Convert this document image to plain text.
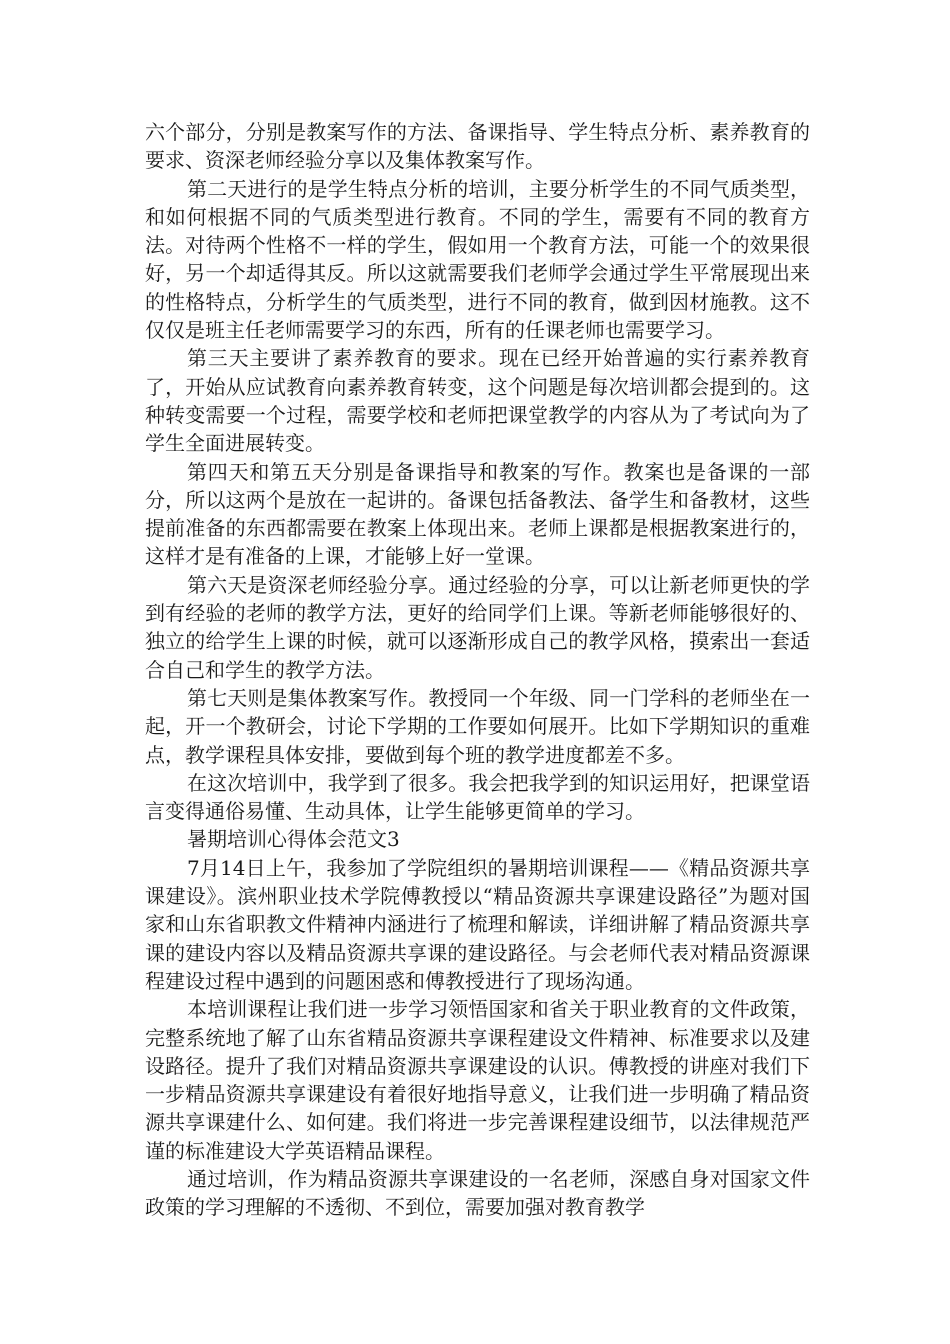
六个部分，分别是教案写作的方法、备课指导、学生特点分析、素养教育的要求、资深老师经验分享以及集体教案写作。

第二天进行的是学生特点分析的培训，主要分析学生的不同气质类型，和如何根据不同的气质类型进行教育。不同的学生，需要有不同的教育方法。对待两个性格不一样的学生，假如用一个教育方法，可能一个的效果很好，另一个却适得其反。所以这就需要我们老师学会通过学生平常展现出来的性格特点，分析学生的气质类型，进行不同的教育，做到因材施教。这不仅仅是班主任老师需要学习的东西，所有的任课老师也需要学习。

第三天主要讲了素养教育的要求。现在已经开始普遍的实行素养教育了，开始从应试教育向素养教育转变，这个问题是每次培训都会提到的。这种转变需要一个过程，需要学校和老师把课堂教学的内容从为了考试向为了学生全面进展转变。

第四天和第五天分别是备课指导和教案的写作。教案也是备课的一部分，所以这两个是放在一起讲的。备课包括备教法、备学生和备教材，这些提前准备的东西都需要在教案上体现出来。老师上课都是根据教案进行的，这样才是有准备的上课，才能够上好一堂课。

第六天是资深老师经验分享。通过经验的分享，可以让新老师更快的学到有经验的老师的教学方法，更好的给同学们上课。等新老师能够很好的、独立的给学生上课的时候，就可以逐渐形成自己的教学风格，摸索出一套适合自己和学生的教学方法。

第七天则是集体教案写作。教授同一个年级、同一门学科的老师坐在一起，开一个教研会，讨论下学期的工作要如何展开。比如下学期知识的重难点，教学课程具体安排，要做到每个班的教学进度都差不多。

在这次培训中，我学到了很多。我会把我学到的知识运用好，把课堂语言变得通俗易懂、生动具体，让学生能够更简单的学习。

暑期培训心得体会范文3

7月14日上午，我参加了学院组织的暑期培训课程——《精品资源共享课建设》。滨州职业技术学院傅教授以“精品资源共享课建设路径”为题对国家和山东省职教文件精神内涵进行了梳理和解读，详细讲解了精品资源共享课的建设内容以及精品资源共享课的建设路径。与会老师代表对精品资源课程建设过程中遇到的问题困惑和傅教授进行了现场沟通。

本培训课程让我们进一步学习领悟国家和省关于职业教育的文件政策，完整系统地了解了山东省精品资源共享课程建设文件精神、标准要求以及建设路径。提升了我们对精品资源共享课建设的认识。傅教授的讲座对我们下一步精品资源共享课建设有着很好地指导意义，让我们进一步明确了精品资源共享课建什么、如何建。我们将进一步完善课程建设细节，以法律规范严谨的标准建设大学英语精品课程。

通过培训，作为精品资源共享课建设的一名老师，深感自身对国家文件政策的学习理解的不透彻、不到位，需要加强对教育教学
